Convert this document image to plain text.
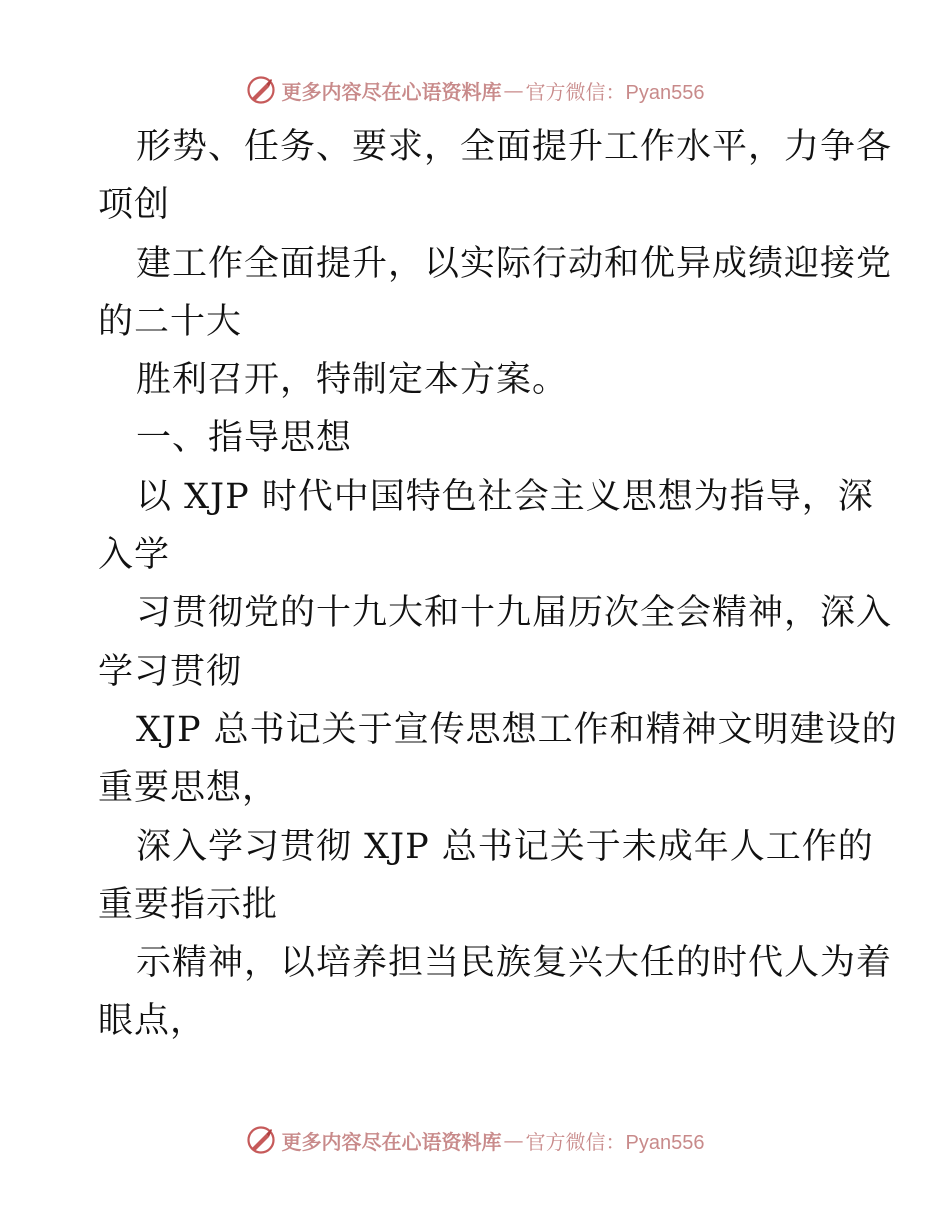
更多内容尽在心语资料库 — 官方微信：Pyan556
形势、任务、要求，全面提升工作水平，力争各
项创
建工作全面提升，以实际行动和优异成绩迎接党
的二十大
胜利召开，特制定本方案。
一、指导思想
以 XJP 时代中国特色社会主义思想为指导，深
入学
习贯彻党的十九大和十九届历次全会精神，深入
学习贯彻
XJP 总书记关于宣传思想工作和精神文明建设的
重要思想，
深入学习贯彻 XJP 总书记关于未成年人工作的
重要指示批
示精神，以培养担当民族复兴大任的时代人为着
眼点，
更多内容尽在心语资料库 — 官方微信：Pyan556
